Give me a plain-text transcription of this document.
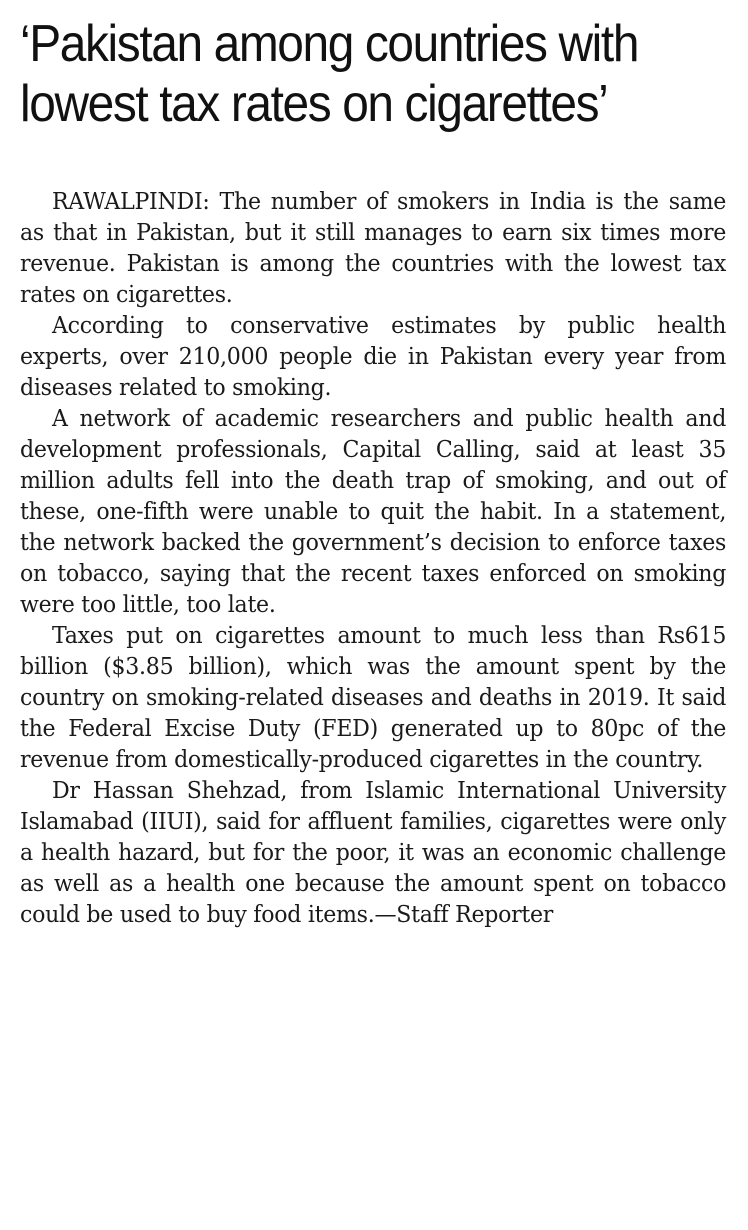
‘Pakistan among countries with lowest tax rates on cigarettes’

RAWALPINDI: The number of smokers in India is the same as that in Pakistan, but it still manages to earn six times more revenue. Pakistan is among the countries with the lowest tax rates on cigarettes.

According to conservative estimates by public health experts, over 210,000 people die in Pakistan every year from diseases related to smoking.

A network of academic researchers and public health and development professionals, Capital Calling, said at least 35 million adults fell into the death trap of smoking, and out of these, one-fifth were unable to quit the habit. In a statement, the network backed the government’s decision to enforce taxes on tobacco, saying that the recent taxes enforced on smoking were too little, too late.

Taxes put on cigarettes amount to much less than Rs615 billion ($3.85 billion), which was the amount spent by the country on smoking-related diseases and deaths in 2019. It said the Federal Excise Duty (FED) generated up to 80pc of the revenue from domestically-produced cigarettes in the country.

Dr Hassan Shehzad, from Islamic International University Islamabad (IIUI), said for affluent families, cigarettes were only a health hazard, but for the poor, it was an economic challenge as well as a health one because the amount spent on tobacco could be used to buy food items.—Staff Reporter
